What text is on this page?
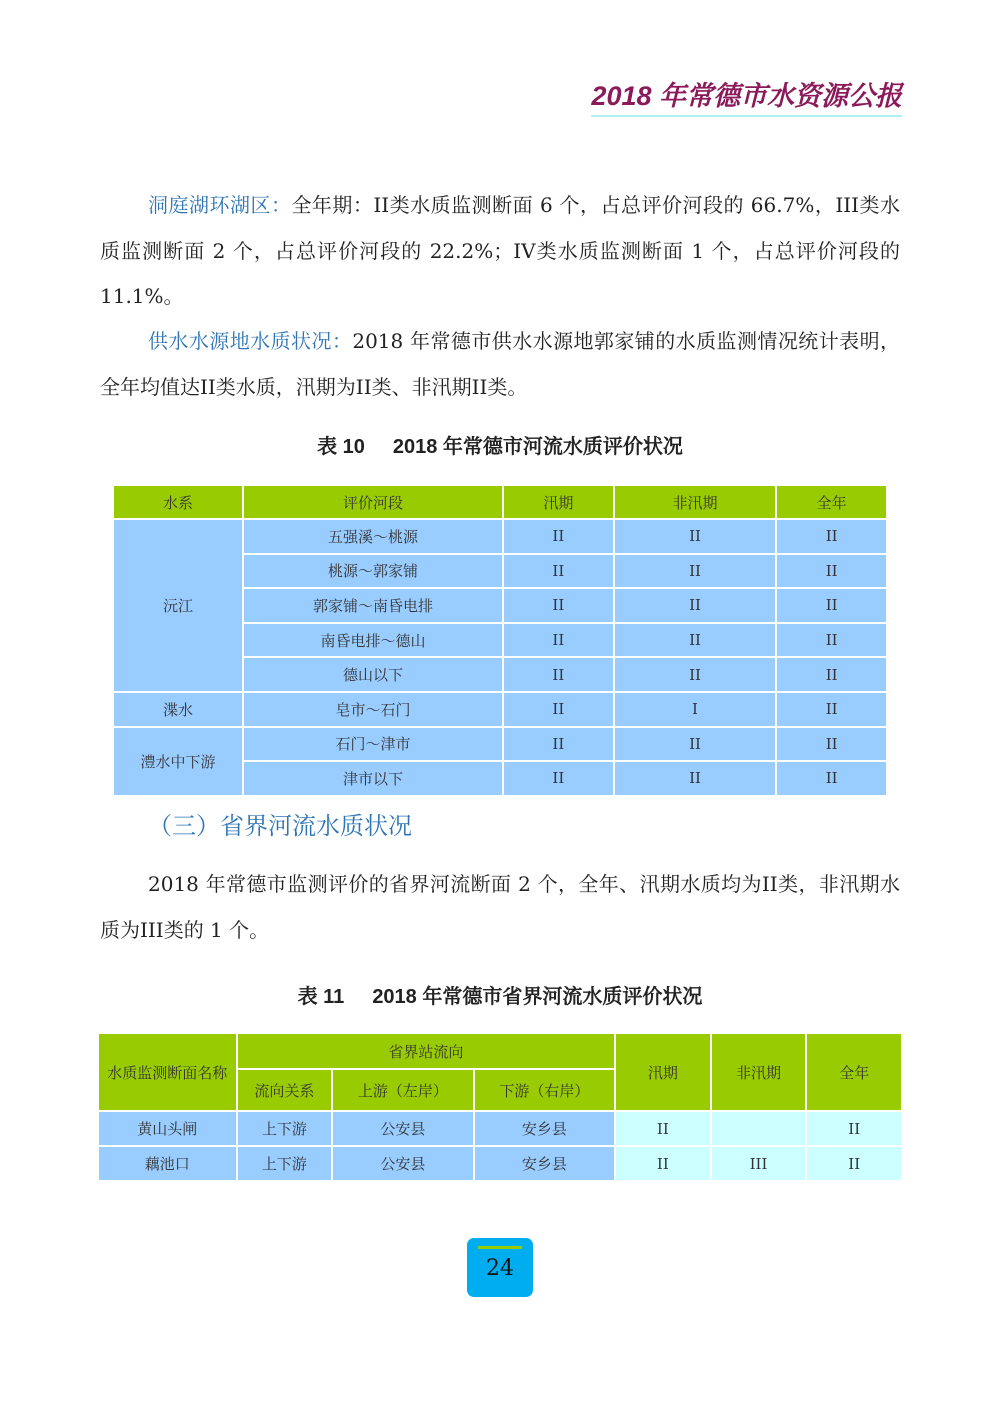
2018 年常德市水资源公报
洞庭湖环湖区：全年期：II类水质监测断面 6 个，占总评价河段的 66.7%，III类水质监测断面 2 个，占总评价河段的 22.2%；IV类水质监测断面 1 个，占总评价河段的 11.1%。
供水水源地水质状况：2018 年常德市供水水源地郭家铺的水质监测情况统计表明，全年均值达II类水质，汛期为II类、非汛期II类。
表 10 2018 年常德市河流水质评价状况
水系	评价河段	汛期	非汛期	全年
沅江	五强溪～桃源	II	II	II
	桃源～郭家铺	II	II	II
	郭家铺～南昏电排	II	II	II
	南昏电排～德山	II	II	II
	德山以下	II	II	II
渫水	皂市～石门	II	I	II
澧水中下游	石门～津市	II	II	II
	津市以下	II	II	II
（三）省界河流水质状况
2018 年常德市监测评价的省界河流断面 2 个，全年、汛期水质均为II类，非汛期水质为III类的 1 个。
表 11 2018 年常德市省界河流水质评价状况
水质监测断面名称	省界站流向			汛期	非汛期	全年
	流向关系	上游（左岸）	下游（右岸）			
黄山头闸	上下游	公安县	安乡县	II		II
藕池口	上下游	公安县	安乡县	II	III	II
24
